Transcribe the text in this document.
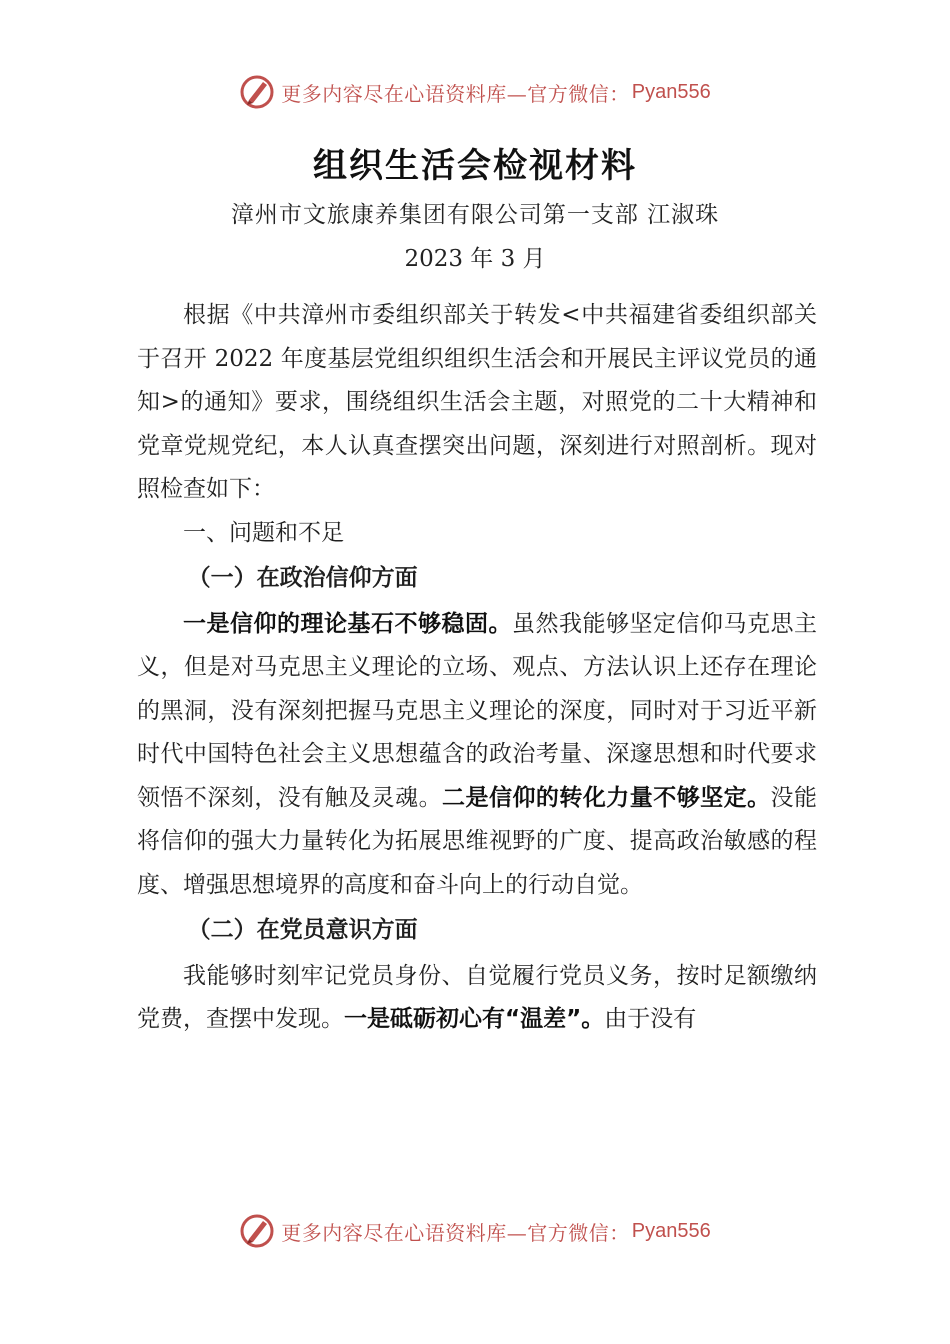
更多内容尽在心语资料库—官方微信： Pyan556
组织生活会检视材料
漳州市文旅康养集团有限公司第一支部 江淑珠
2023 年 3 月

根据《中共漳州市委组织部关于转发<中共福建省委组织部关于召开 2022 年度基层党组织组织生活会和开展民主评议党员的通知>的通知》要求，围绕组织生活会主题，对照党的二十大精神和党章党规党纪，本人认真查摆突出问题，深刻进行对照剖析。现对照检查如下：

一、问题和不足

（一）在政治信仰方面

一是信仰的理论基石不够稳固。虽然我能够坚定信仰马克思主义，但是对马克思主义理论的立场、观点、方法认识上还存在理论的黑洞，没有深刻把握马克思主义理论的深度，同时对于习近平新时代中国特色社会主义思想蕴含的政治考量、深邃思想和时代要求领悟不深刻，没有触及灵魂。二是信仰的转化力量不够坚定。没能将信仰的强大力量转化为拓展思维视野的广度、提高政治敏感的程度、增强思想境界的高度和奋斗向上的行动自觉。

（二）在党员意识方面

我能够时刻牢记党员身份、自觉履行党员义务，按时足额缴纳党费，查摆中发现。一是砥砺初心有“温差”。由于没有

更多内容尽在心语资料库—官方微信： Pyan556
